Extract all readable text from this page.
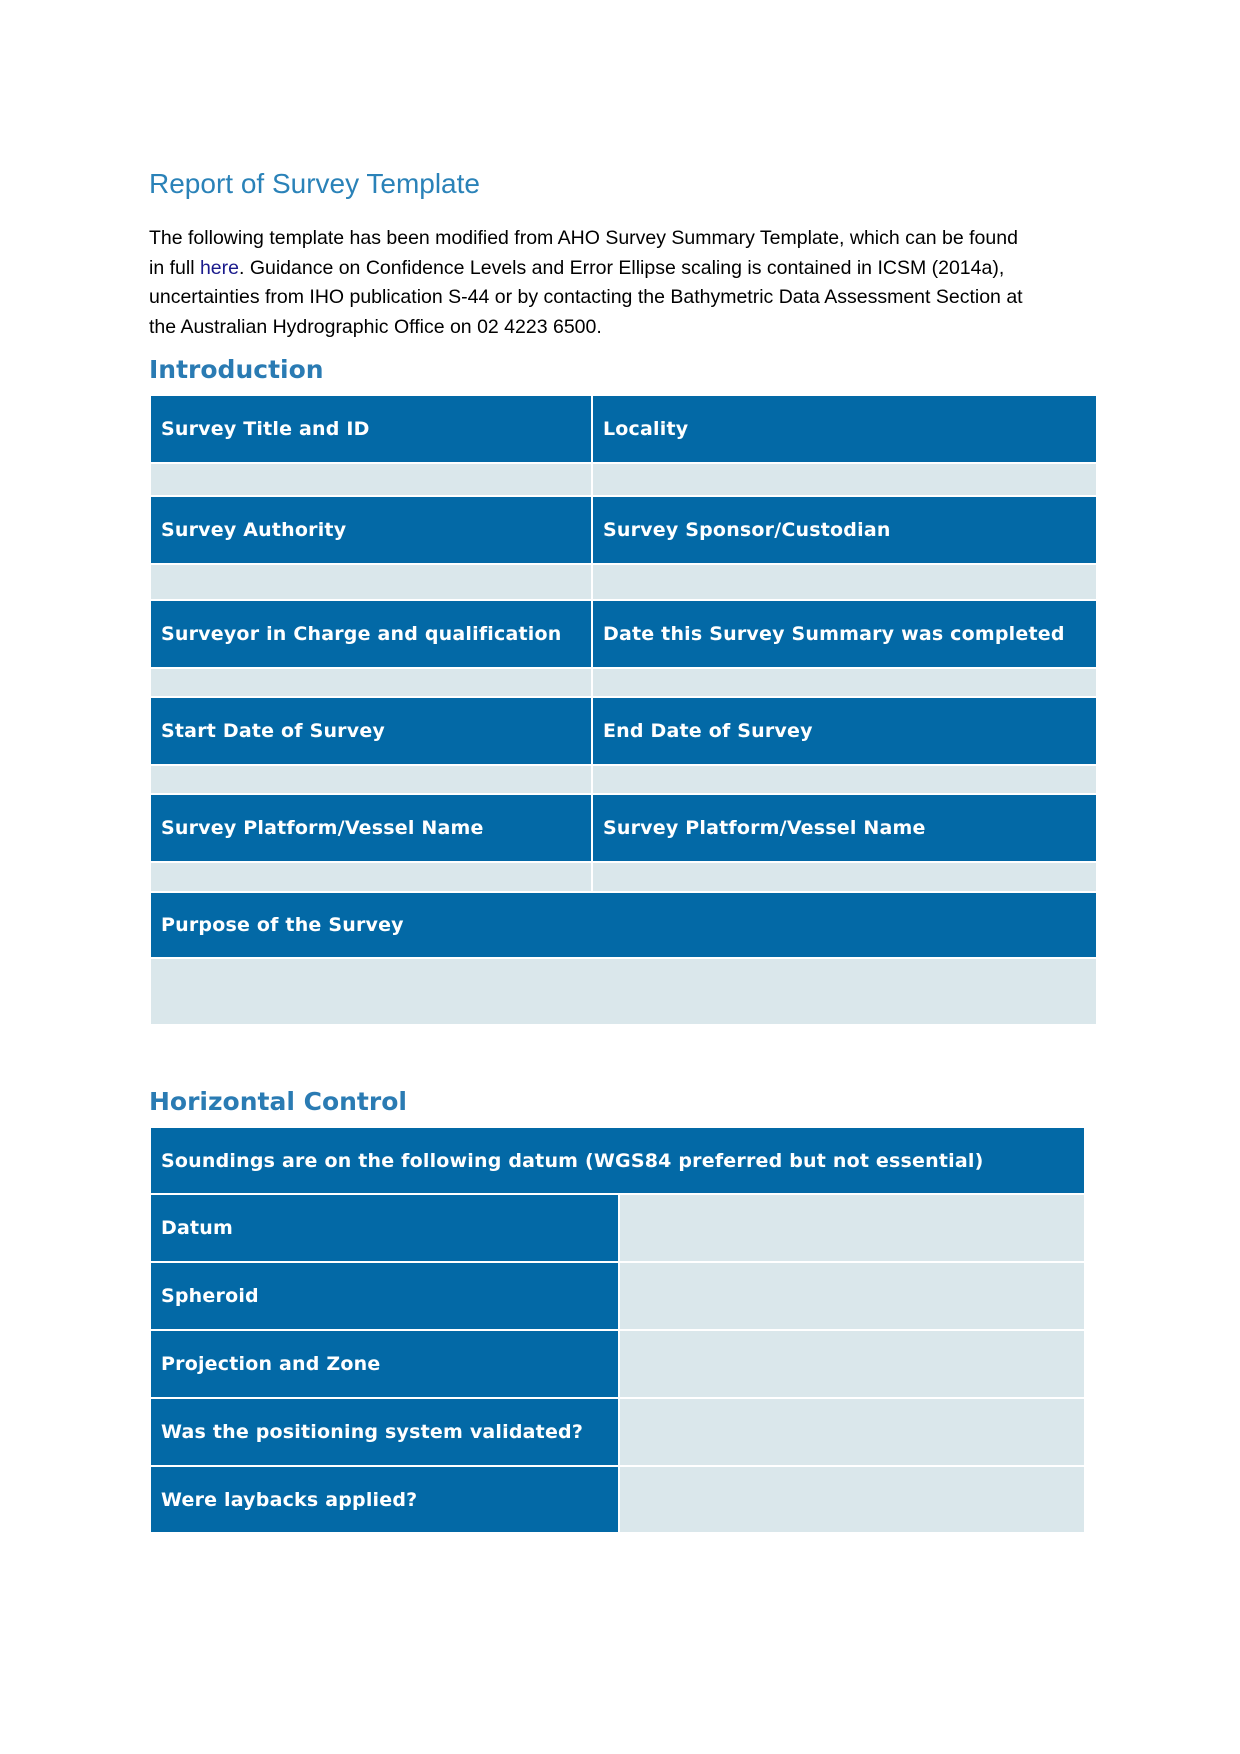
Report of Survey Template

The following template has been modified from AHO Survey Summary Template, which can be found

in full here. Guidance on Confidence Levels and Error Ellipse scaling is contained in ICSM (2014a),

uncertainties from IHO publication S-44 or by contacting the Bathymetric Data Assessment Section at

the Australian Hydrographic Office on 02 4223 6500.

Introduction
Survey Title and ID	Locality
Survey Authority	Survey Sponsor/Custodian
Surveyor in Charge and qualification	Date this Survey Summary was completed
Start Date of Survey	End Date of Survey
Survey Platform/Vessel Name	Survey Platform/Vessel Name
Purpose of the Survey
Horizontal Control
Soundings are on the following datum (WGS84 preferred but not essential)
Datum
Spheroid
Projection and Zone
Was the positioning system validated?
Were laybacks applied?
